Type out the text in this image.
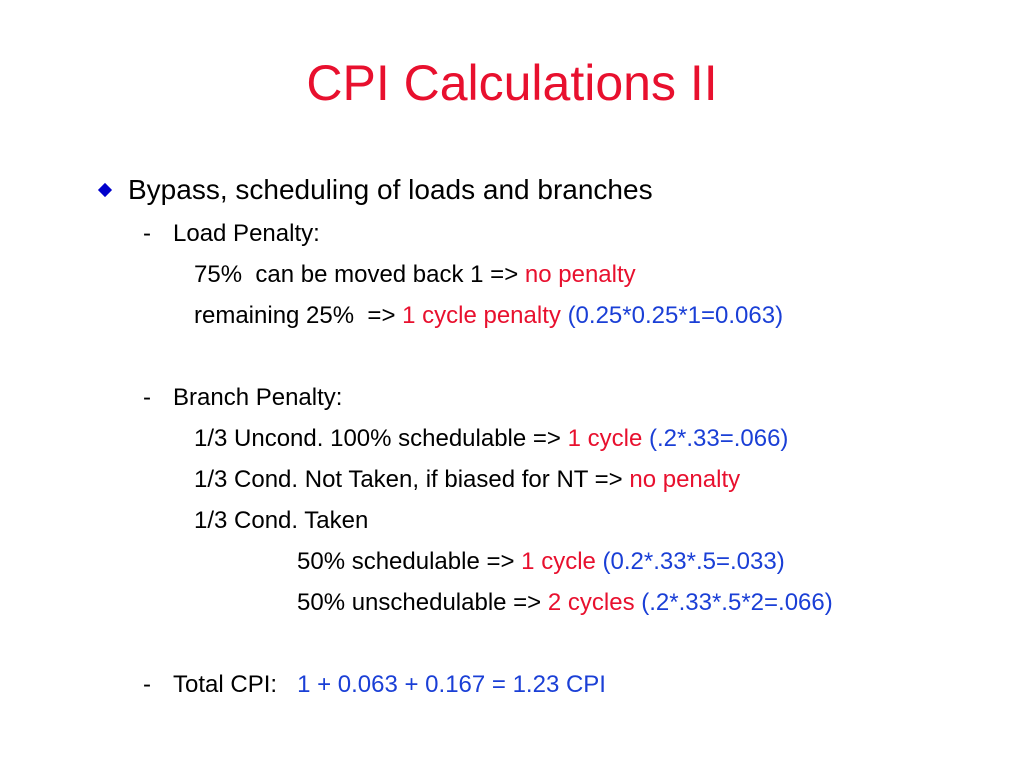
CPI Calculations II
Bypass, scheduling of loads and branches
- Load Penalty:
75%  can be moved back 1 => no penalty
remaining 25%  => 1 cycle penalty (0.25*0.25*1=0.063)
- Branch Penalty:
1/3 Uncond. 100% schedulable => 1 cycle (.2*.33=.066)
1/3 Cond. Not Taken, if biased for NT => no penalty
1/3 Cond. Taken
50% schedulable => 1 cycle (0.2*.33*.5=.033)
50% unschedulable => 2 cycles (.2*.33*.5*2=.066)
- Total CPI: 1 + 0.063 + 0.167 = 1.23 CPI
